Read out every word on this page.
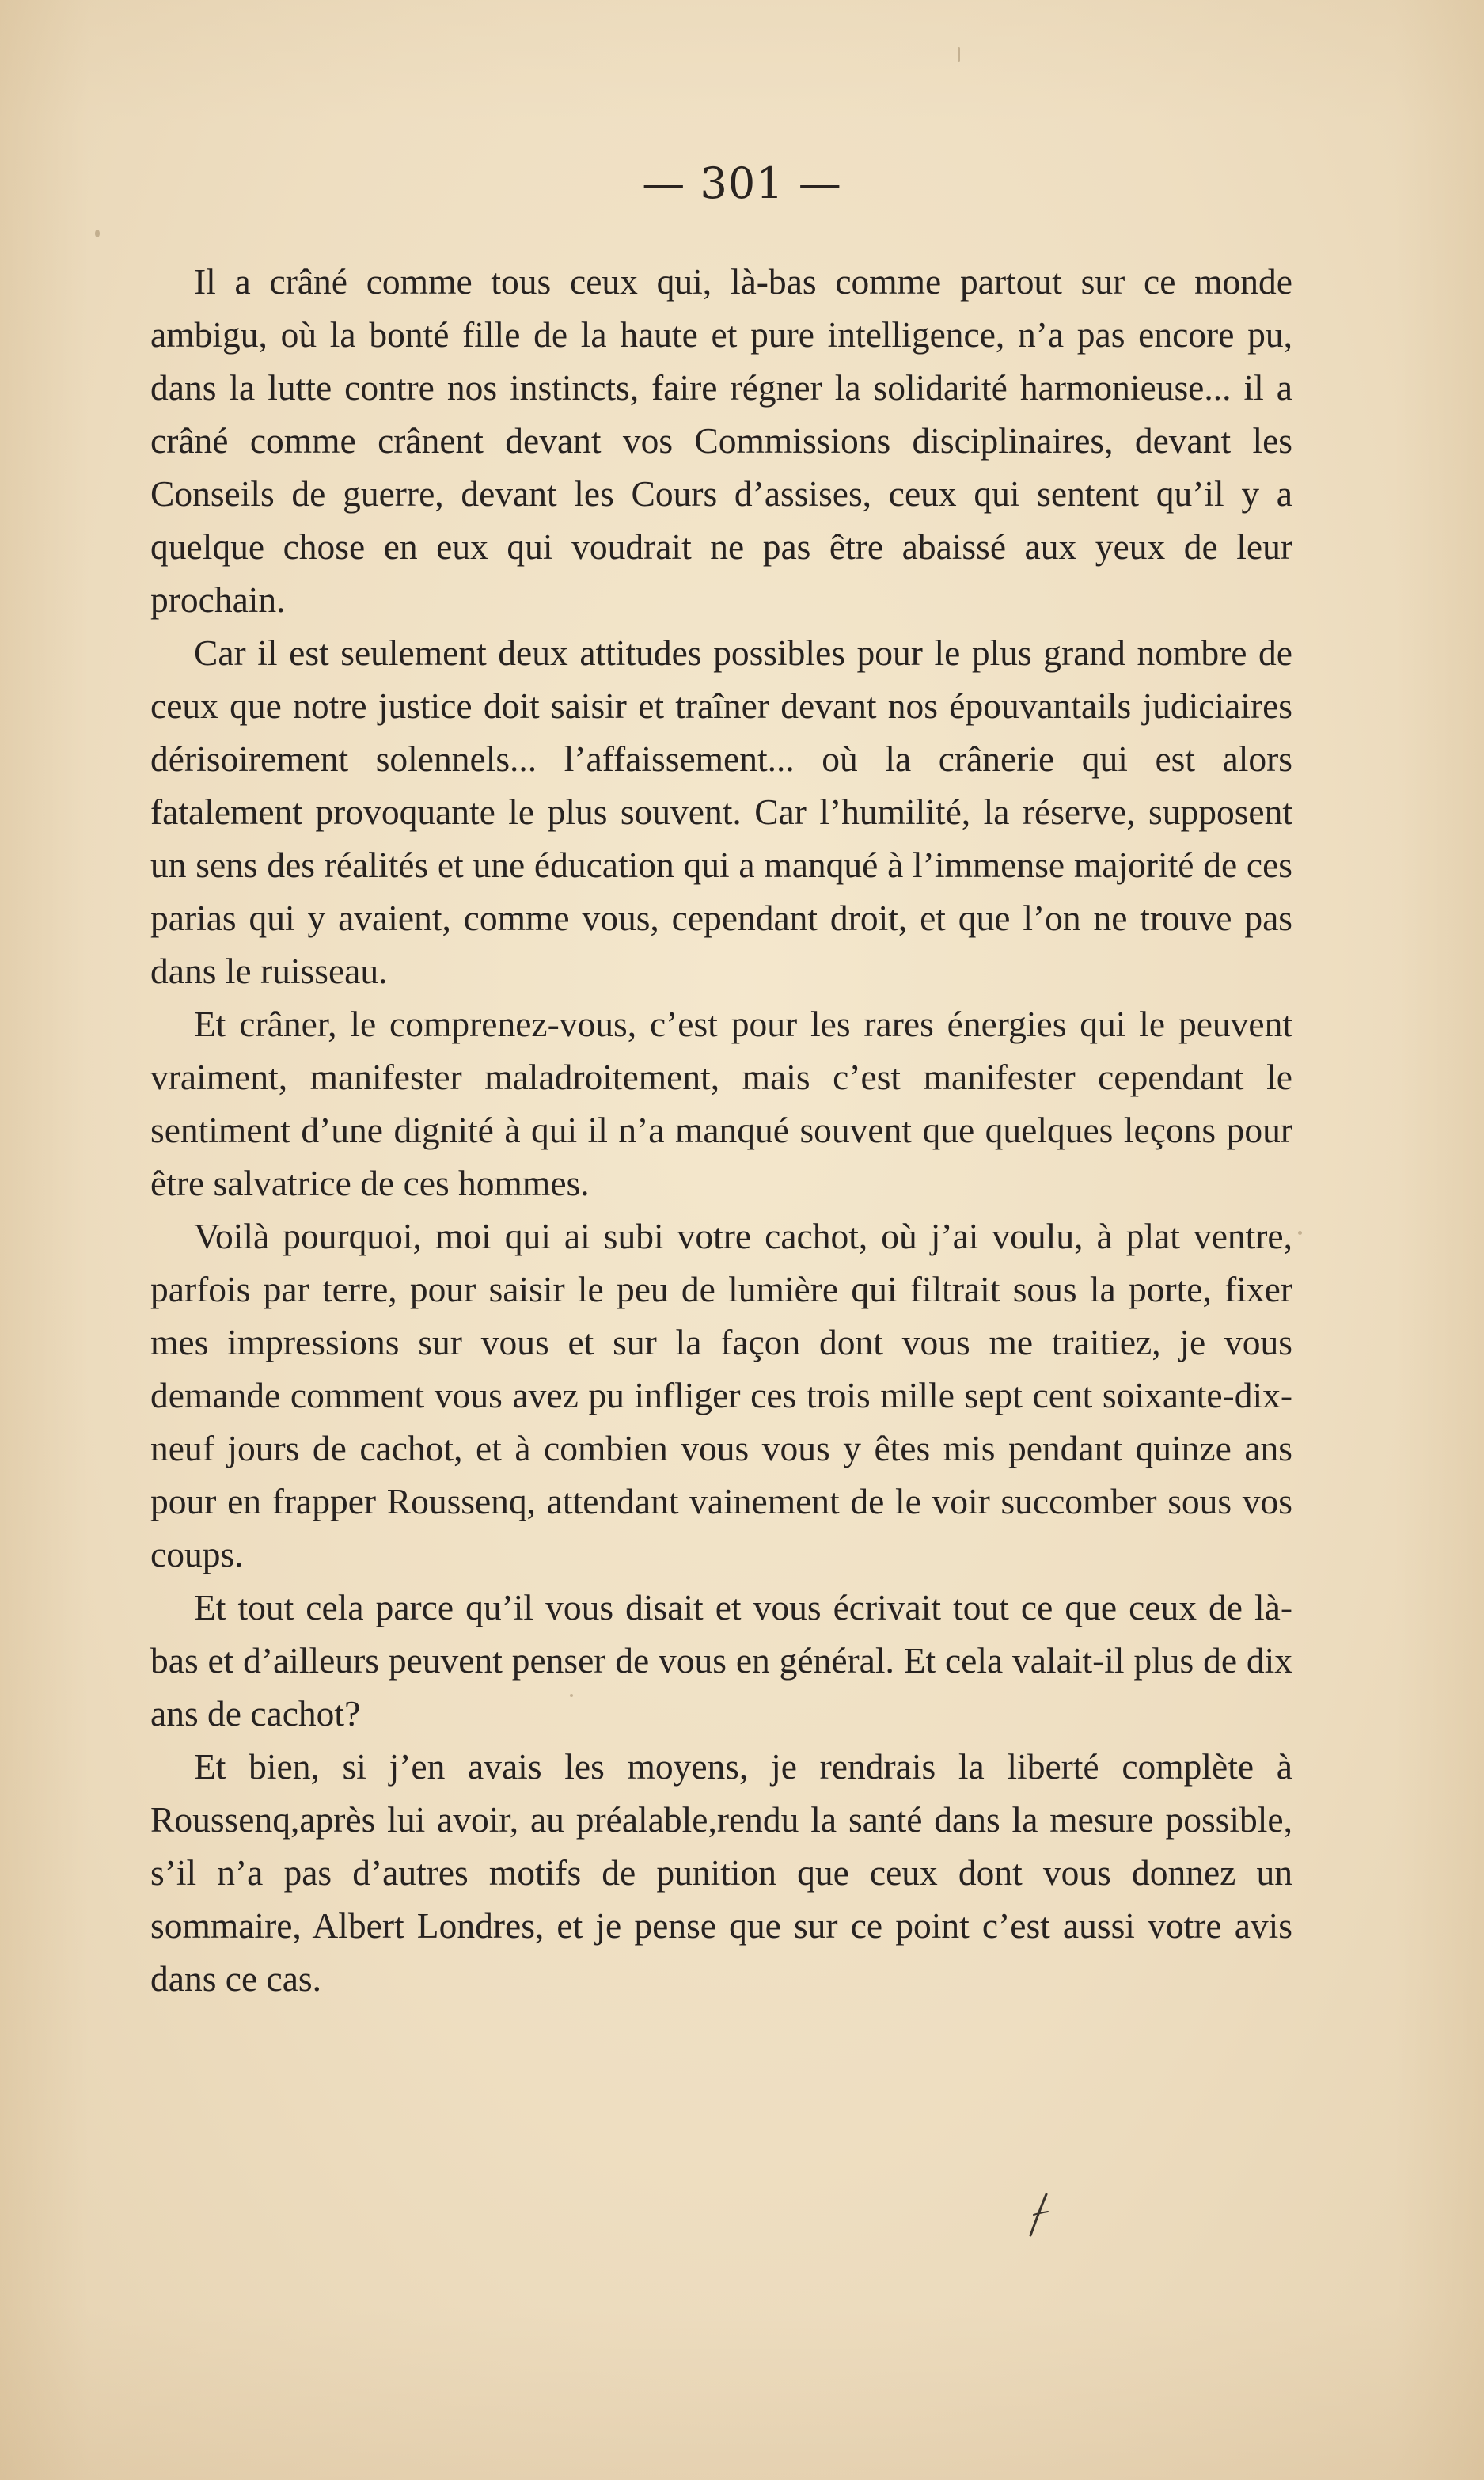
— 301 —

Il a crâné comme tous ceux qui, là-bas comme partout sur ce monde ambigu, où la bonté fille de la haute et pure intelligence, n’a pas encore pu, dans la lutte contre nos instincts, faire régner la solidarité harmonieuse... il a crâné comme crânent devant vos Commissions disciplinaires, devant les Conseils de guerre, devant les Cours d’assises, ceux qui sentent qu’il y a quelque chose en eux qui voudrait ne pas être abaissé aux yeux de leur prochain.

Car il est seulement deux attitudes possibles pour le plus grand nombre de ceux que notre justice doit saisir et traîner devant nos épouvantails judiciaires dérisoirement solennels... l’affaissement... où la crânerie qui est alors fatalement provoquante le plus souvent. Car l’humilité, la réserve, supposent un sens des réalités et une éducation qui a manqué à l’immense majorité de ces parias qui y avaient, comme vous, cependant droit, et que l’on ne trouve pas dans le ruisseau.

Et crâner, le comprenez-vous, c’est pour les rares énergies qui le peuvent vraiment, manifester maladroitement, mais c’est manifester cependant le sentiment d’une dignité à qui il n’a manqué souvent que quelques leçons pour être salvatrice de ces hommes.

Voilà pourquoi, moi qui ai subi votre cachot, où j’ai voulu, à plat ventre, parfois par terre, pour saisir le peu de lumière qui filtrait sous la porte, fixer mes impressions sur vous et sur la façon dont vous me traitiez, je vous demande comment vous avez pu infliger ces trois mille sept cent soixante-dix-neuf jours de cachot, et à combien vous vous y êtes mis pendant quinze ans pour en frapper Roussenq, attendant vainement de le voir succomber sous vos coups.

Et tout cela parce qu’il vous disait et vous écrivait tout ce que ceux de là-bas et d’ailleurs peuvent penser de vous en général. Et cela valait-il plus de dix ans de cachot?

Et bien, si j’en avais les moyens, je rendrais la liberté complète à Roussenq,après lui avoir, au préalable,rendu la santé dans la mesure possible, s’il n’a pas d’autres motifs de punition que ceux dont vous donnez un sommaire, Albert Londres, et je pense que sur ce point c’est aussi votre avis dans ce cas.
